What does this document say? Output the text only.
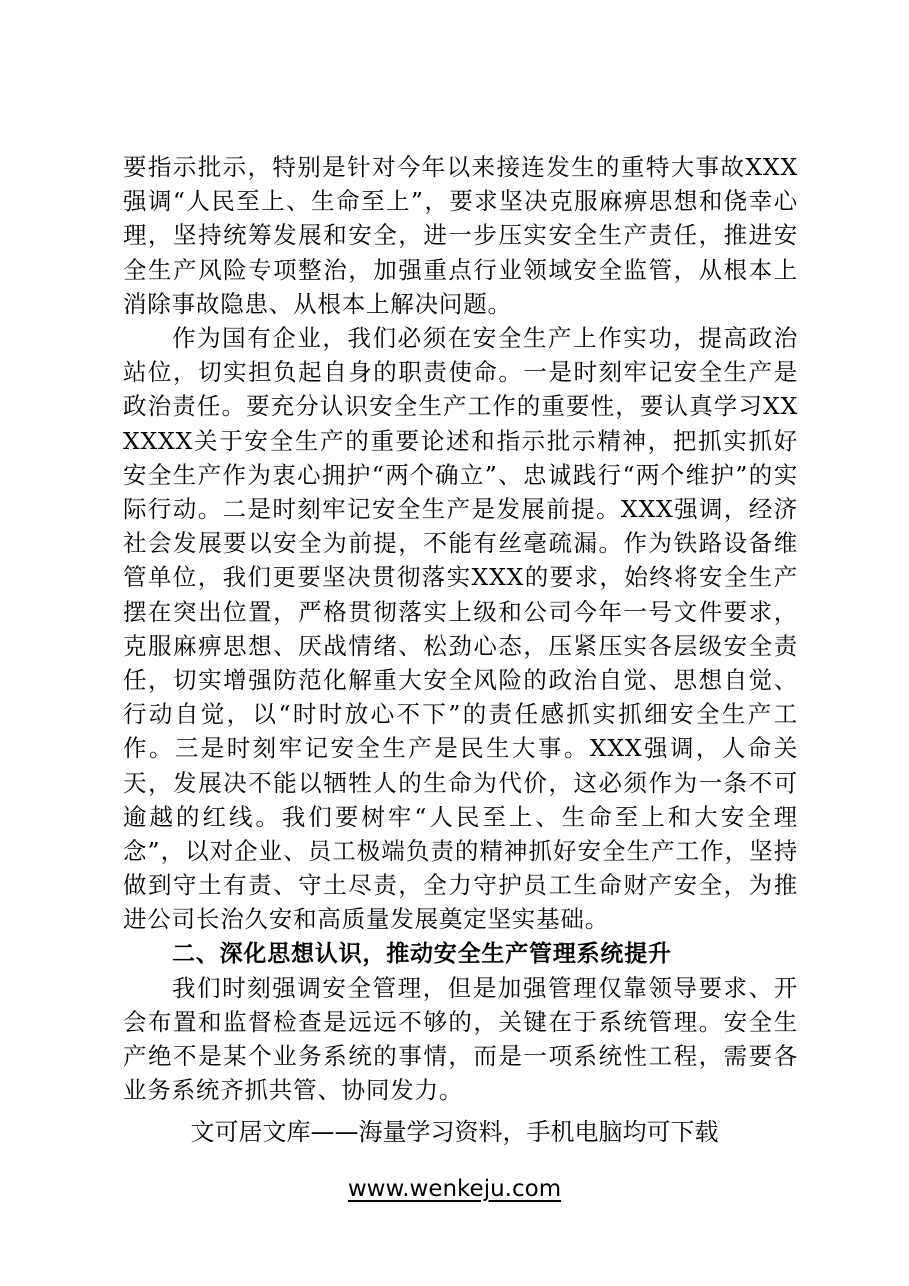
要指示批示，特别是针对今年以来接连发生的重特大事故XXX强调“人民至上、生命至上”，要求坚决克服麻痹思想和侥幸心理，坚持统筹发展和安全，进一步压实安全生产责任，推进安全生产风险专项整治，加强重点行业领域安全监管，从根本上消除事故隐患、从根本上解决问题。

作为国有企业，我们必须在安全生产上作实功，提高政治站位，切实担负起自身的职责使命。一是时刻牢记安全生产是政治责任。要充分认识安全生产工作的重要性，要认真学习XXXXXX关于安全生产的重要论述和指示批示精神，把抓实抓好安全生产作为衷心拥护“两个确立”、忠诚践行“两个维护”的实际行动。二是时刻牢记安全生产是发展前提。XXX强调，经济社会发展要以安全为前提，不能有丝毫疏漏。作为铁路设备维管单位，我们更要坚决贯彻落实XXX的要求，始终将安全生产摆在突出位置，严格贯彻落实上级和公司今年一号文件要求，克服麻痹思想、厌战情绪、松劲心态，压紧压实各层级安全责任，切实增强防范化解重大安全风险的政治自觉、思想自觉、行动自觉，以“时时放心不下”的责任感抓实抓细安全生产工作。三是时刻牢记安全生产是民生大事。XXX强调，人命关天，发展决不能以牺牲人的生命为代价，这必须作为一条不可逾越的红线。我们要树牢“人民至上、生命至上和大安全理念”，以对企业、员工极端负责的精神抓好安全生产工作，坚持做到守土有责、守土尽责，全力守护员工生命财产安全，为推进公司长治久安和高质量发展奠定坚实基础。

二、深化思想认识，推动安全生产管理系统提升

我们时刻强调安全管理，但是加强管理仅靠领导要求、开会布置和监督检查是远远不够的，关键在于系统管理。安全生产绝不是某个业务系统的事情，而是一项系统性工程，需要各业务系统齐抓共管、协同发力。

文可居文库——海量学习资料，手机电脑均可下载
www.wenkeju.com
